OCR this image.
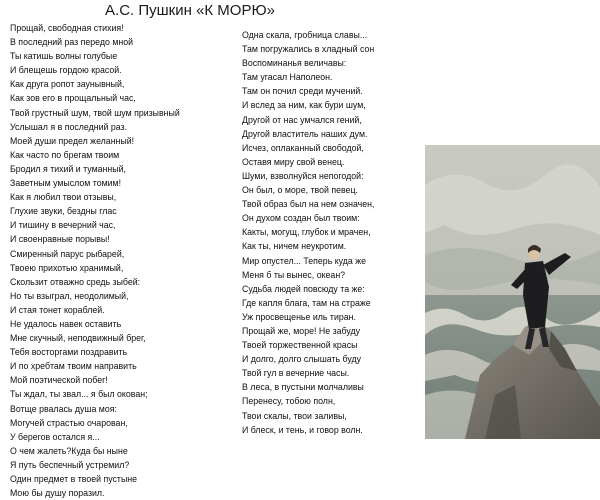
А.С. Пушкин «К МОРЮ»
Прощай, свободная стихия!
В последний раз передо мной
Ты катишь волны голубые
И блещешь гордою красой.
Как друга ропот заунывный,
Как зов его в прощальный час,
Твой грустный шум, твой шум призывный
Услышал я в последний раз.
Моей души предел желанный!
Как часто по брегам твоим
Бродил я тихий и туманный,
Заветным умыслом томим!
Как я любил твои отзывы,
Глухие звуки, бездны глас
И тишину в вечерний час,
И своенравные порывы!
Смиренный парус рыбарей,
Твоею прихотью хранимый,
Скользит отважно средь зыбей:
Но ты взыграл, неодолимый,
И стая тонет кораблей.
Не удалось навек оставить
Мне скучный, неподвижный брег,
Тебя восторгами поздравить
И по хребтам твоим направить
Мой поэтической побег!
Ты ждал, ты звал... я был окован;
Вотще рвалась душа моя:
Могучей страстью очарован,
У берегов остался я...
О чем жалеть?Куда бы ныне
Я путь беспечный устремил?
Один предмет в твоей пустыне
Мою бы душу поразил.
Одна скала, гробница славы...
Там погружались в хладный сон
Воспоминанья величавы:
Там угасал Наполеон.
Там он почил среди мучений.
И вслед за ним, как бури шум,
Другой от нас умчался гений,
Другой властитель наших дум.
Исчез, оплаканный свободой,
Оставя миру свой венец.
Шуми, взволнуйся непогодой:
Он был, о море, твой певец.
Твой образ был на нем означен,
Он духом создан был твоим:
Какты, могущ, глубок и мрачен,
Как ты, ничем неукротим.
Мир опустел... Теперь куда же
Меня б ты вынес, океан?
Судьба людей повсюду та же:
Где капля блага, там на страже
Уж просвещенье иль тиран.
Прощай же, море! Не забуду
Твоей торжественной красы
И долго, долго слышать буду
Твой гул в вечерние часы.
В леса, в пустыни молчаливы
Перенесу, тобою полн,
Твои скалы, твои заливы,
И блеск, и тень, и говор волн.
